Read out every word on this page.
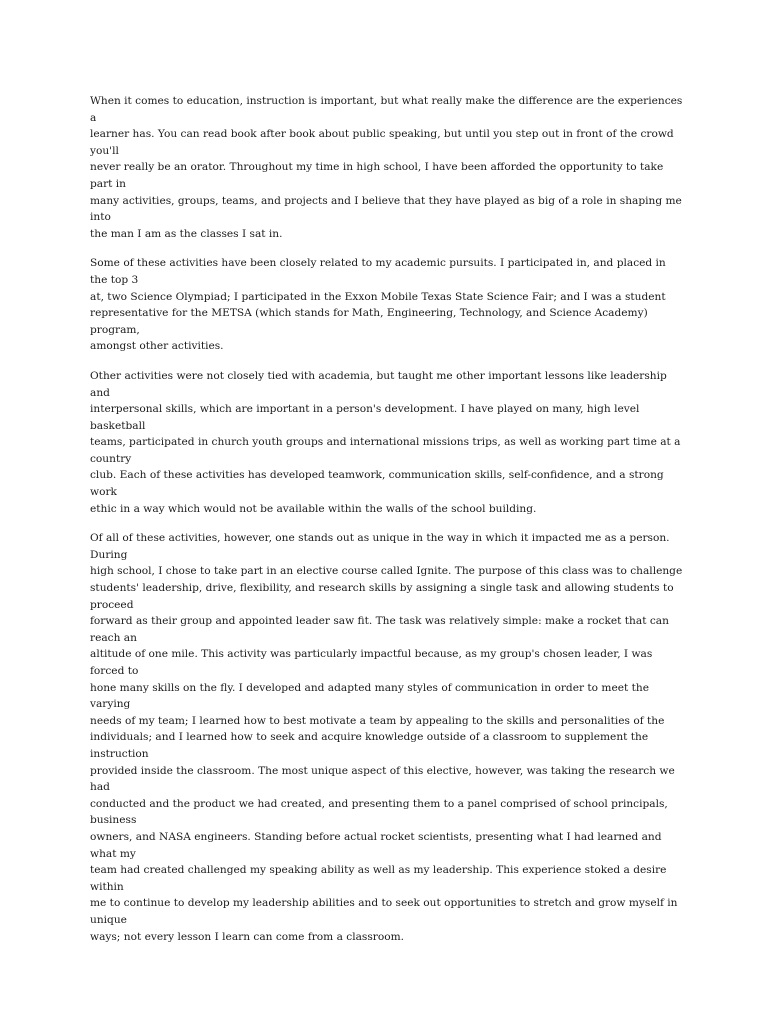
When it comes to education, instruction is important, but what really make the difference are the experiences a
learner has. You can read book after book about public speaking, but until you step out in front of the crowd you'll
never really be an orator. Throughout my time in high school, I have been afforded the opportunity to take part in
many activities, groups, teams, and projects and I believe that they have played as big of a role in shaping me into
the man I am as the classes I sat in.

Some of these activities have been closely related to my academic pursuits. I participated in, and placed in the top 3
at, two Science Olympiad; I participated in the Exxon Mobile Texas State Science Fair; and I was a student
representative for the METSA (which stands for Math, Engineering, Technology, and Science Academy) program,
amongst other activities.

Other activities were not closely tied with academia, but taught me other important lessons like leadership and
interpersonal skills, which are important in a person's development. I have played on many, high level basketball
teams, participated in church youth groups and international missions trips, as well as working part time at a country
club. Each of these activities has developed teamwork, communication skills, self-confidence, and a strong work
ethic in a way which would not be available within the walls of the school building.

Of all of these activities, however, one stands out as unique in the way in which it impacted me as a person. During
high school, I chose to take part in an elective course called Ignite. The purpose of this class was to challenge
students' leadership, drive, flexibility, and research skills by assigning a single task and allowing students to proceed
forward as their group and appointed leader saw fit. The task was relatively simple: make a rocket that can reach an
altitude of one mile. This activity was particularly impactful because, as my group's chosen leader, I was forced to
hone many skills on the fly. I developed and adapted many styles of communication in order to meet the varying
needs of my team; I learned how to best motivate a team by appealing to the skills and personalities of the
individuals; and I learned how to seek and acquire knowledge outside of a classroom to supplement the instruction
provided inside the classroom. The most unique aspect of this elective, however, was taking the research we had
conducted and the product we had created, and presenting them to a panel comprised of school principals, business
owners, and NASA engineers. Standing before actual rocket scientists, presenting what I had learned and what my
team had created challenged my speaking ability as well as my leadership. This experience stoked a desire within
me to continue to develop my leadership abilities and to seek out opportunities to stretch and grow myself in unique
ways; not every lesson I learn can come from a classroom.
